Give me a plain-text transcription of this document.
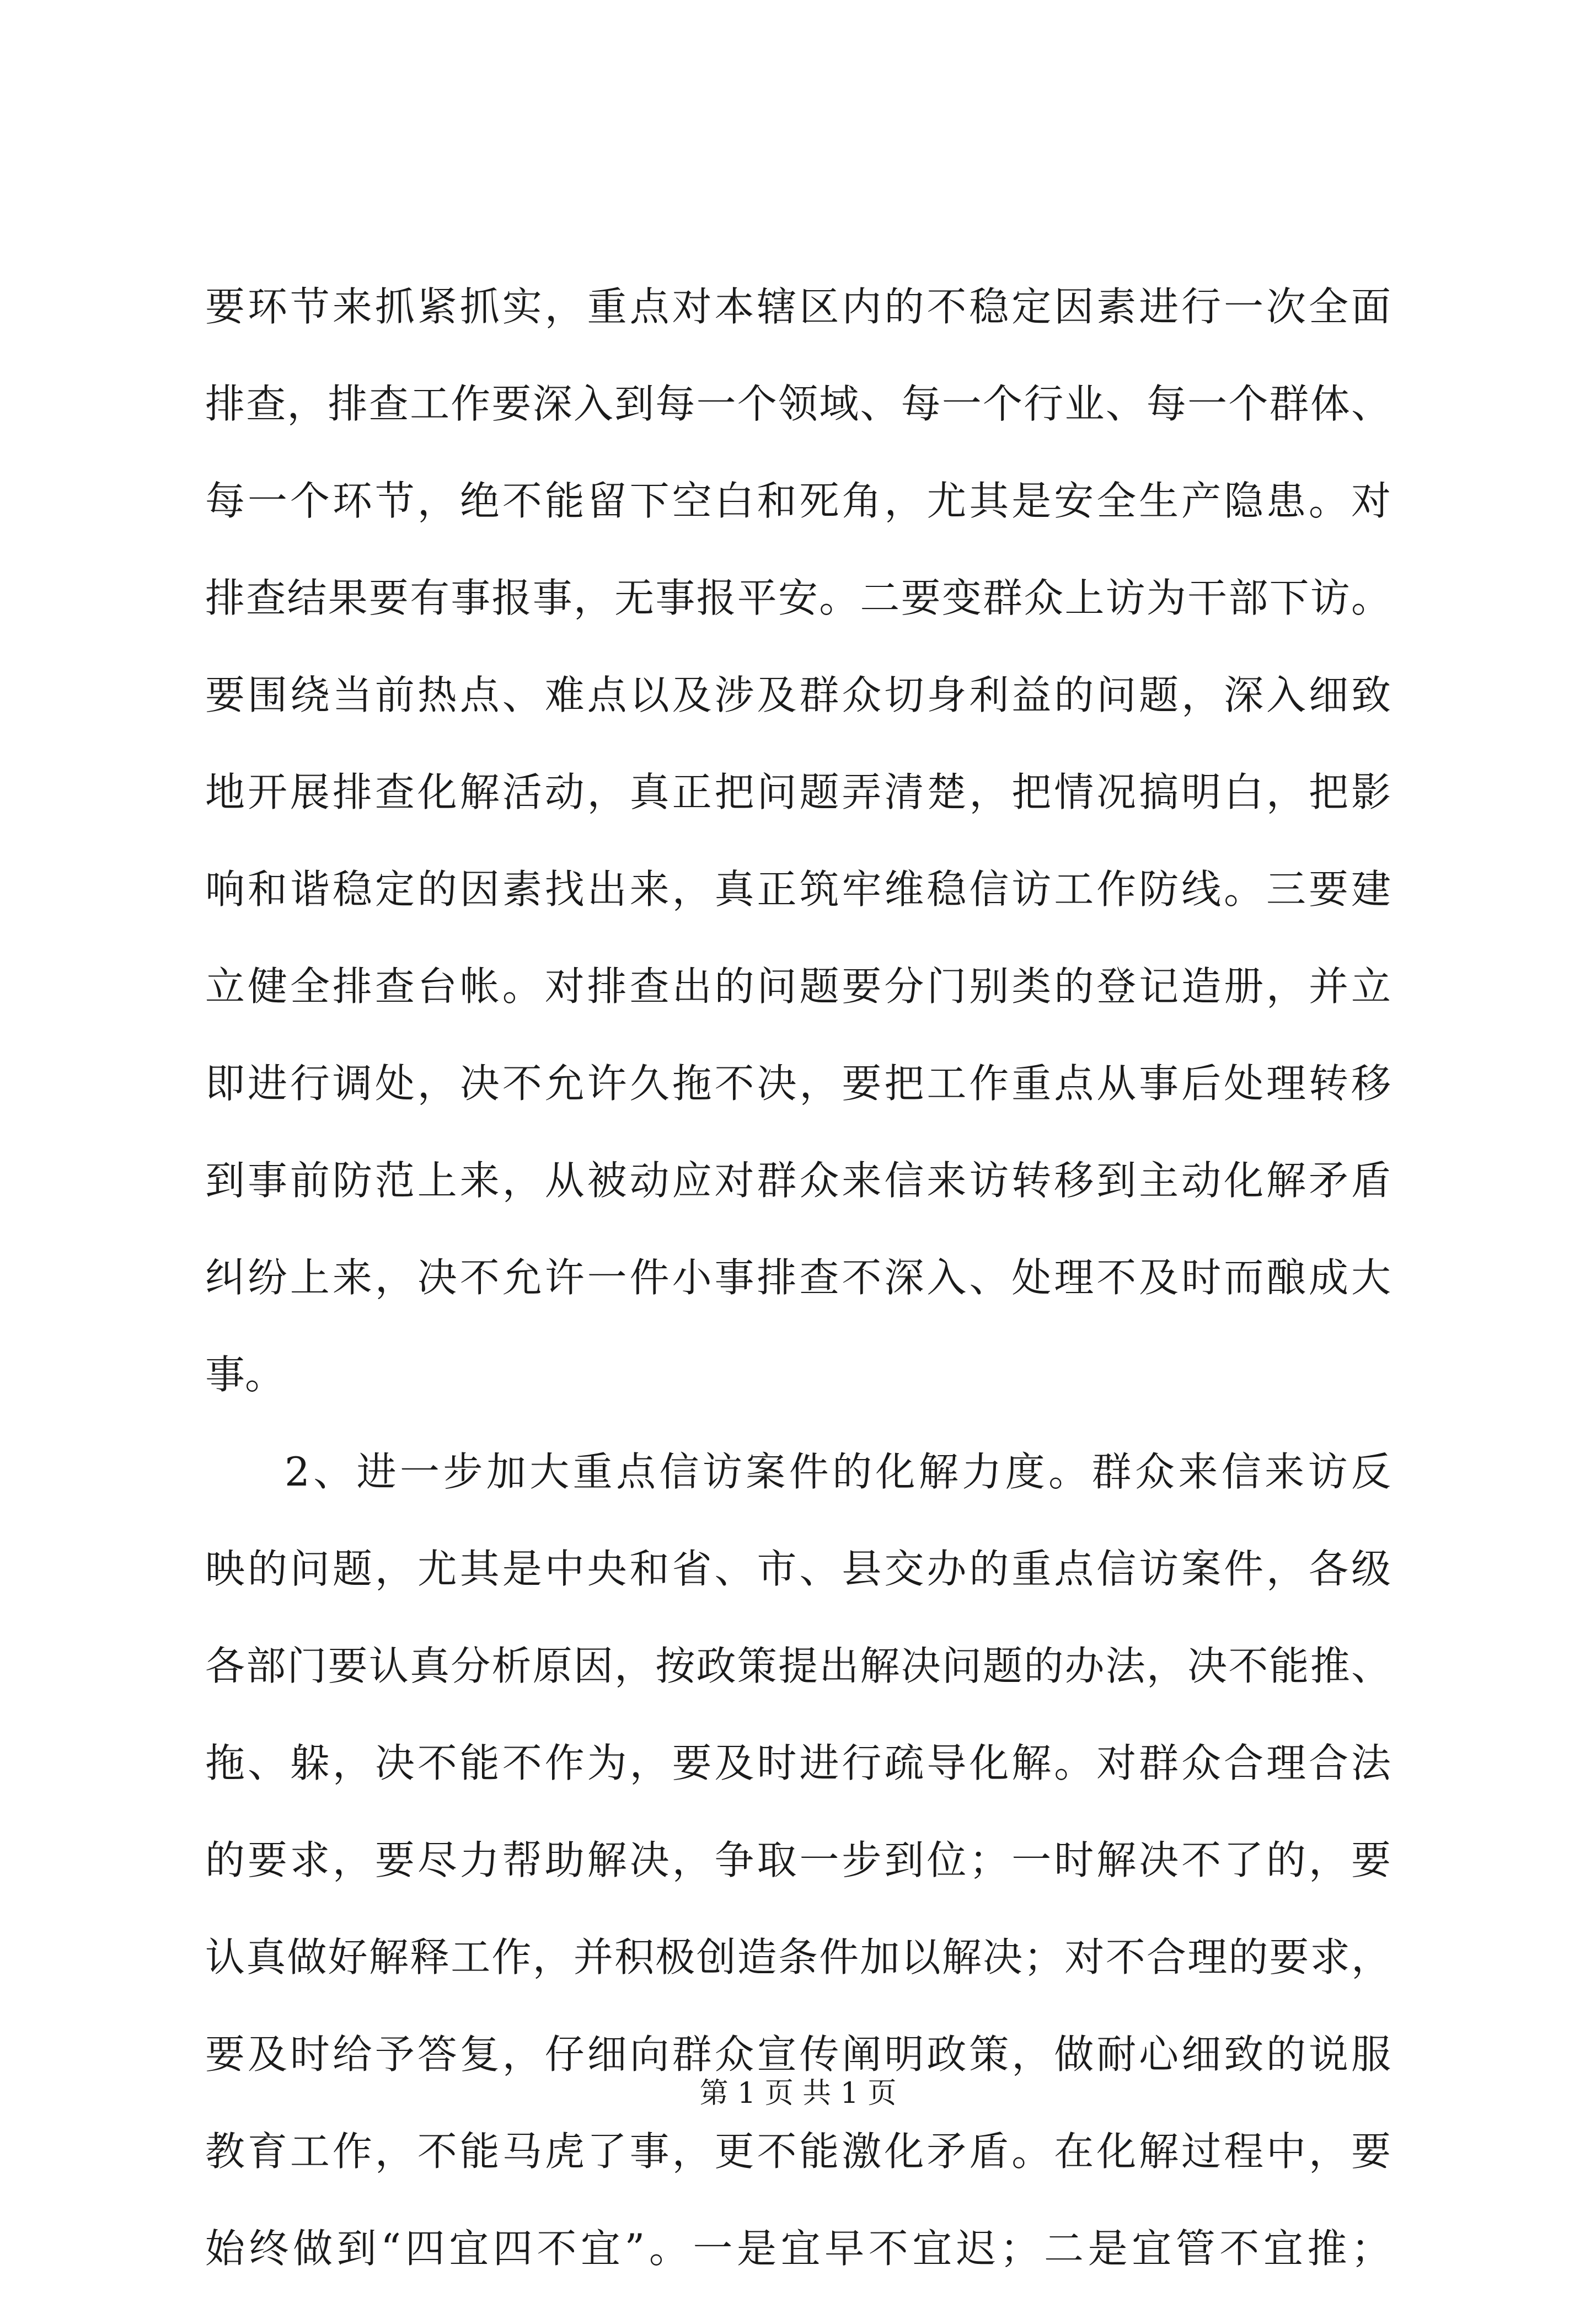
要环节来抓紧抓实，重点对本辖区内的不稳定因素进行一次全面
排查，排查工作要深入到每一个领域、每一个行业、每一个群体、
每一个环节，绝不能留下空白和死角，尤其是安全生产隐患。对
排查结果要有事报事，无事报平安。二要变群众上访为干部下访。
要围绕当前热点、难点以及涉及群众切身利益的问题，深入细致
地开展排查化解活动，真正把问题弄清楚，把情况搞明白，把影
响和谐稳定的因素找出来，真正筑牢维稳信访工作防线。三要建
立健全排查台帐。对排查出的问题要分门别类的登记造册，并立
即进行调处，决不允许久拖不决，要把工作重点从事后处理转移
到事前防范上来，从被动应对群众来信来访转移到主动化解矛盾
纠纷上来，决不允许一件小事排查不深入、处理不及时而酿成大
事。
2、进一步加大重点信访案件的化解力度。群众来信来访反
映的问题，尤其是中央和省、市、县交办的重点信访案件，各级
各部门要认真分析原因，按政策提出解决问题的办法，决不能推、
拖、躲，决不能不作为，要及时进行疏导化解。对群众合理合法
的要求，要尽力帮助解决，争取一步到位；一时解决不了的，要
认真做好解释工作，并积极创造条件加以解决；对不合理的要求，
要及时给予答复，仔细向群众宣传阐明政策，做耐心细致的说服
教育工作，不能马虎了事，更不能激化矛盾。在化解过程中，要
始终做到“四宜四不宜”。一是宜早不宜迟；二是宜管不宜推；
第 1 页 共 1 页
